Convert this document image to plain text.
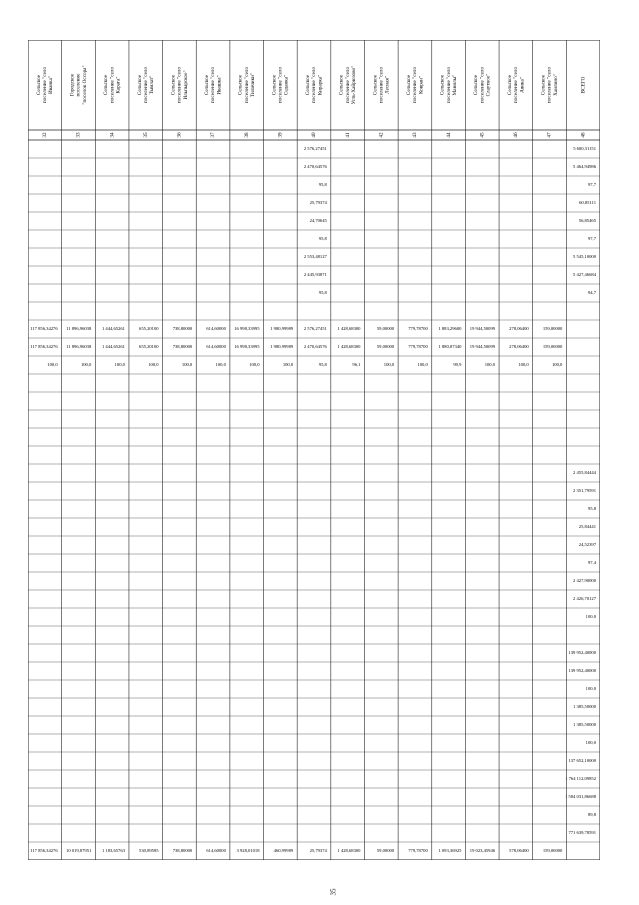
Сельское поселение "село Иванка"
32
Городское поселение "поселок Оссора"
33
Сельское поселение "село Карага"
34
Сельское поселение "село Тымлат"
35
Сельское поселение "село Ильпырское"
36
Сельское поселение "село Ивашка"
37
Сельское поселение "село Тиличики"
38
Сельское поселение "село Седанка"
39
Сельское поселение "село Кирарка"
40
Сельское поселение "село Усть-Хайрюзово"
41
Сельское поселение "село Лесная"
42
Сельское поселение "село Ковран"
43
Сельское поселение "село Манилы"
44
Сельское поселение "село Слаутное"
45
Сельское поселение "село Аянка"
46
Сельское поселение "село Хаилино"
47
ВСЕГО
48
117 856,34276
117 856,34276
100,0
117 856,34276
11 896,96038
11 896,96038
100,0
10 019,87951
1 444,65261
1 444,65261
100,0
1 183,65763
655,20100
655,20100
100,0
530,89585
738,80000
738,80000
100,0
738,80000
614,60000
614,60000
100,0
614,60000
16 998,33995
16 998,33995
100,0
3 928,01018
1 980,99989
1 980,99989
100,0
460,99989
2 576,27451
2 470,64576
95,8
25,79374
24,70645
95,8
2 553,48127
2 445,93871
95,8
2 576,27451
2 470,64576
95,8
25,79374
1 428,68300
1 428,68300
96,1
1 428,68300
59,00000
59,00000
100,0
59,00000
779,78700
779,78700
100,0
779,78700
1 883,29600
1 880,87340
99,9
1 093,36925
19 944,50099
19 944,50099
100,0
19 023,45946
278,06400
278,06400
100,0
578,06400
159,00000
159,00000
100,0
159,00000
5 600,31151
5 464,94986
97,7
60,85111
56,85465
97,7
5 545,10000
5 427,46684
94,7
2 455,84444
2 351,79591
95,8
25,84441
24,52397
97,4
2 427,90000
2 426,70127
100,0
139 952,40000
139 952,40000
100,0
1 385,50000
1 385,50000
100,0
137 652,10000
1 764 112,09852
1 584 031,86688
89,8
771 639,78591
35
